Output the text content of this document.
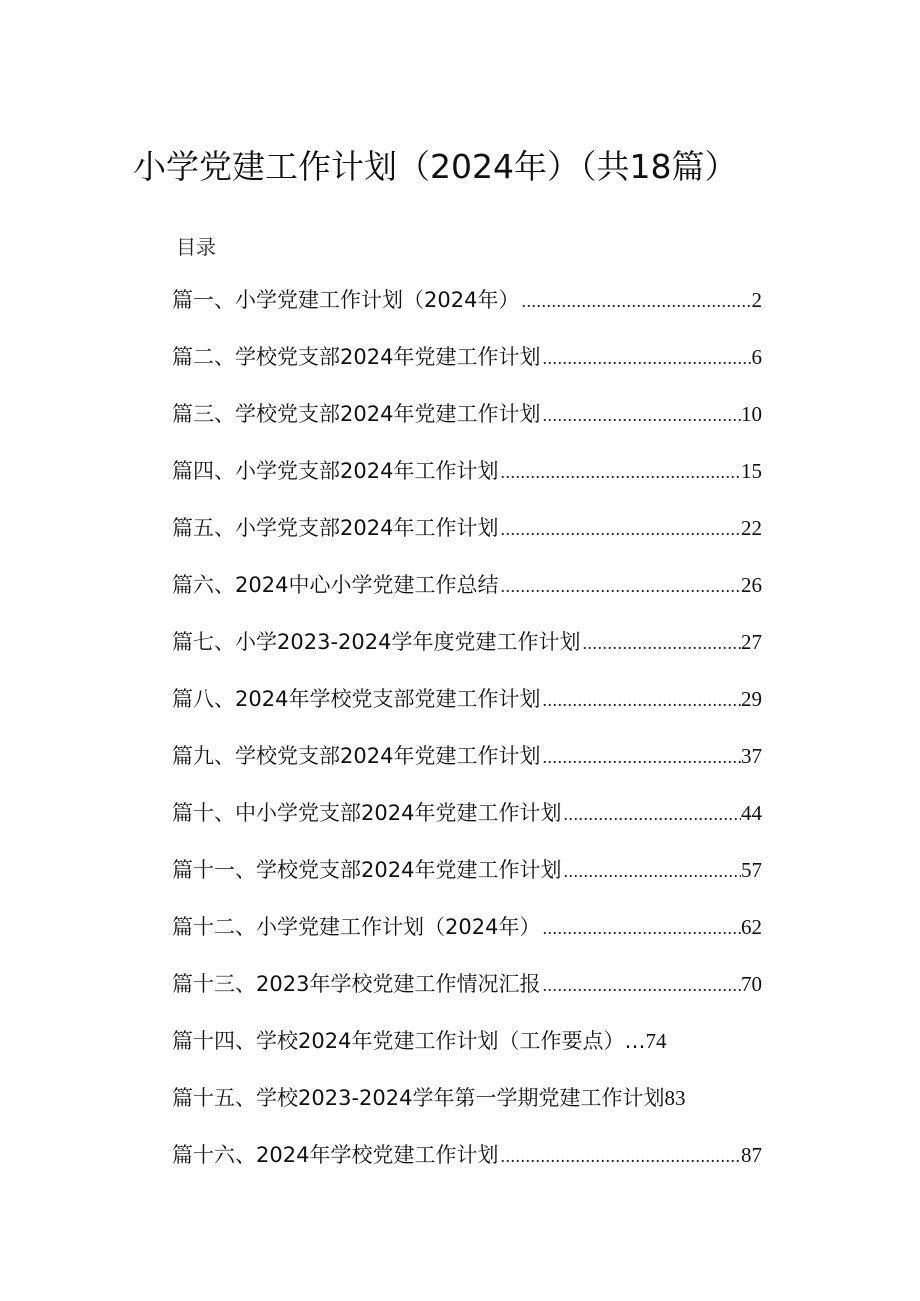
小学党建工作计划（2024年）（共18篇）
目录
篇一、小学党建工作计划（2024年） .....	2
篇二、学校党支部2024年党建工作计划 .....	6
篇三、学校党支部2024年党建工作计划 .....	10
篇四、小学党支部2024年工作计划 .....	15
篇五、小学党支部2024年工作计划 .....	22
篇六、2024中心小学党建工作总结 .....	26
篇七、小学2023-2024学年度党建工作计划 .....	27
篇八、2024年学校党支部党建工作计划 .....	29
篇九、学校党支部2024年党建工作计划 .....	37
篇十、中小学党支部2024年党建工作计划 .....	44
篇十一、学校党支部2024年党建工作计划 .....	57
篇十二、小学党建工作计划（2024年） .....	62
篇十三、2023年学校党建工作情况汇报 .....	70
篇十四、学校2024年党建工作计划（工作要点）… 74
篇十五、学校2023-2024学年第一学期党建工作计划 83
篇十六、2024年学校党建工作计划 .....	87
